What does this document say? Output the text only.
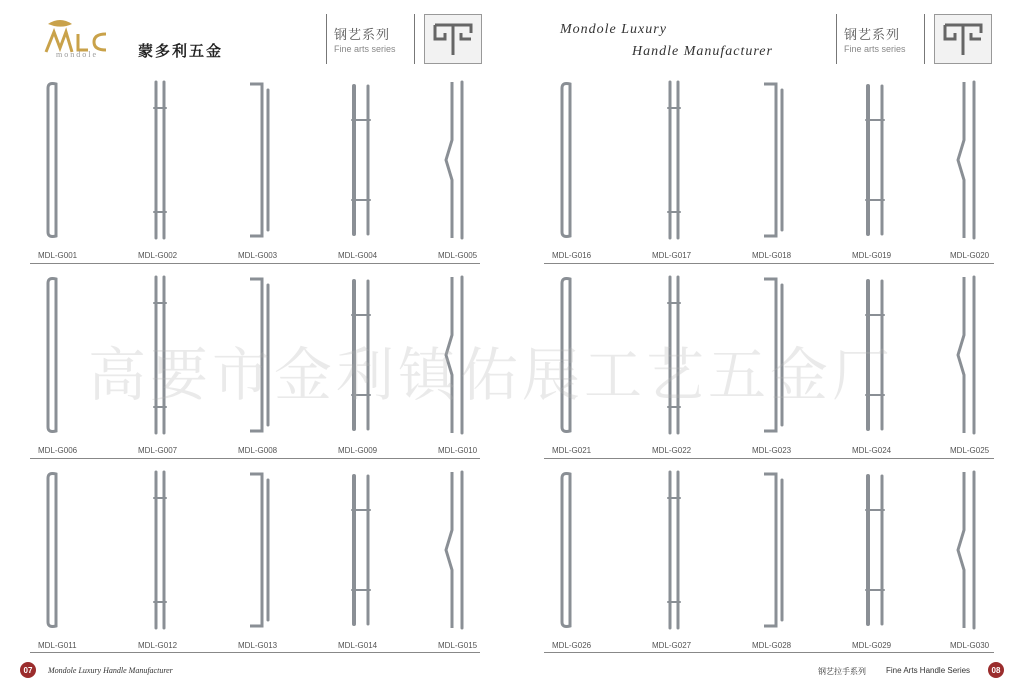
mondole	蒙多利五金
钢艺系列
Fine arts series
Mondole Luxury
Handle Manufacturer
钢艺系列
Fine arts series
MDL-G001	MDL-G002	MDL-G003	MDL-G004	MDL-G005	MDL-G016	MDL-G017	MDL-G018	MDL-G019	MDL-G020
MDL-G006	MDL-G007	MDL-G008	MDL-G009	MDL-G010	MDL-G021	MDL-G022	MDL-G023	MDL-G024	MDL-G025
MDL-G011	MDL-G012	MDL-G013	MDL-G014	MDL-G015	MDL-G026	MDL-G027	MDL-G028	MDL-G029	MDL-G030
高要市金利镇佑展工艺五金厂
07	Mondole Luxury Handle Manufacturer	钢艺拉手系列	Fine Arts Handle Series	08
